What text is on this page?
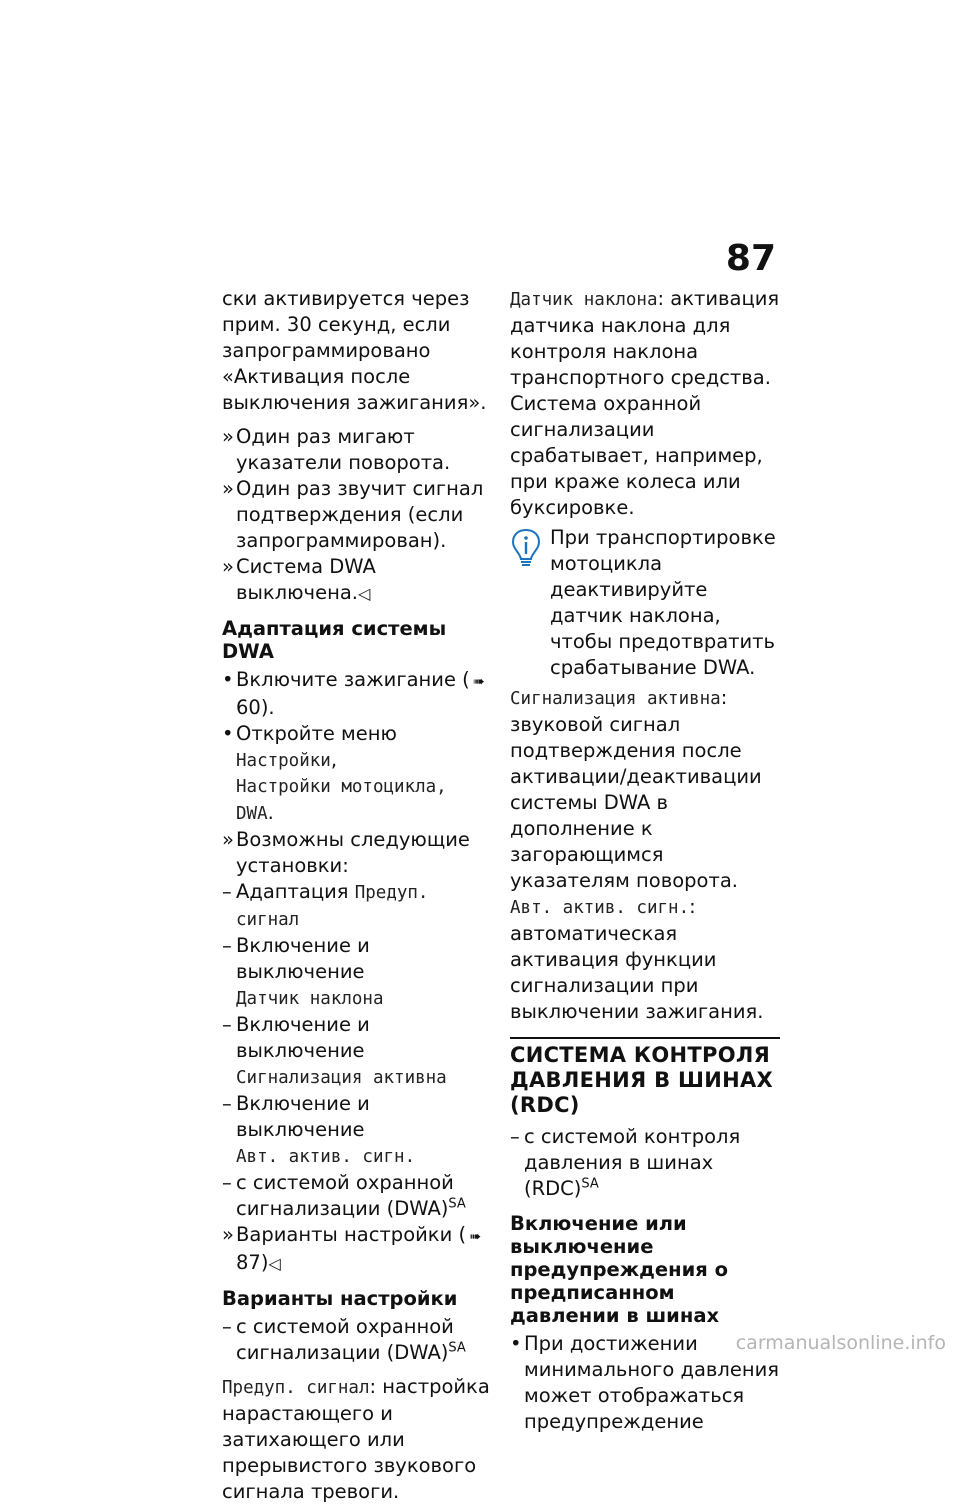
87

ски активируется через прим. 30 секунд, если запрограммировано «Активация после выключения зажигания».

» Один раз мигают указатели поворота.
» Один раз звучит сигнал подтверждения (если запрограммирован).
» Система DWA выключена.◁
Адаптация системы DWA
• Включите зажигание ( ➠60).
• Откройте меню Настройки,
Настройки мотоцикла,
DWA.
» Возможны следующие установки:
– Адаптация Предуп. сигнал
– Включение и выключение
Датчик наклона
– Включение и выключение
Сигнализация активна
– Включение и выключение
Авт. актив. сигн.
– с системой охранной сигнализации (DWA)$^{SA}$
» Варианты настройки ( ➠87)◁
Варианты настройки
– с системой охранной сигнализации (DWA)$^{SA}$

Предуп. сигнал: настройка нарастающего и затихающего или прерывистого звукового сигнала тревоги.

Датчик наклона: активация датчика наклона для контроля наклона транспортного средства. Система охранной сигнализации срабатывает, например, при краже колеса или буксировке.

При транспортировке мотоцикла деактивируйте датчик наклона, чтобы предотвратить срабатывание DWA.

Сигнализация активна: звуковой сигнал подтверждения после активации/деактивации системы DWA в дополнение к загорающимся указателям поворота.

Авт. актив. сигн.: автоматическая активация функции сигнализации при выключении зажигания.

СИСТЕМА КОНТРОЛЯ ДАВЛЕНИЯ В ШИНАХ (RDC)
– с системой контроля давления в шинах (RDC)$^{SA}$
Включение или выключение предупреждения о предписанном давлении в шинах
• При достижении минимального давления может отображаться предупреждение
carmanualsonline.info
